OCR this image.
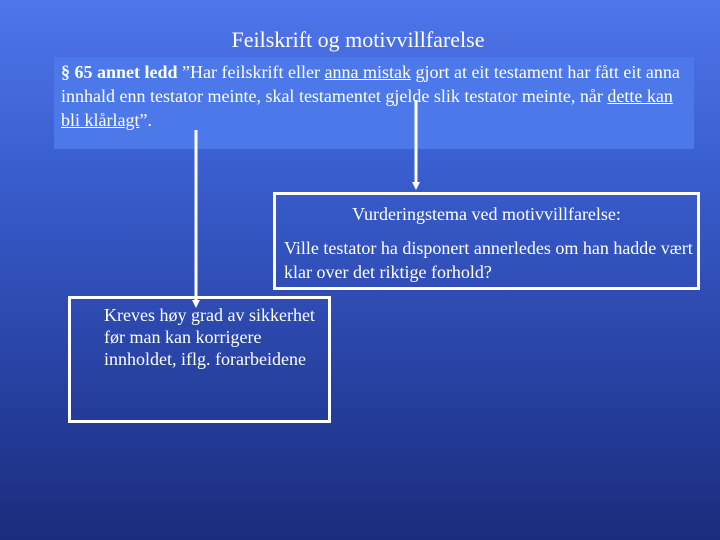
Feilskrift og motivvillfarelse
§ 65 annet ledd ”Har feilskrift eller anna mistak gjort at eit testament har fått eit anna innhald enn testator meinte, skal testamentet gjelde slik testator meinte, når dette kan bli klårlagt”.
Vurderingstema ved motivvillfarelse:
Ville testator ha disponert annerledes om han hadde vært klar over det riktige forhold?
Kreves høy grad av sikkerhet før man kan korrigere innholdet, iflg. forarbeidene
